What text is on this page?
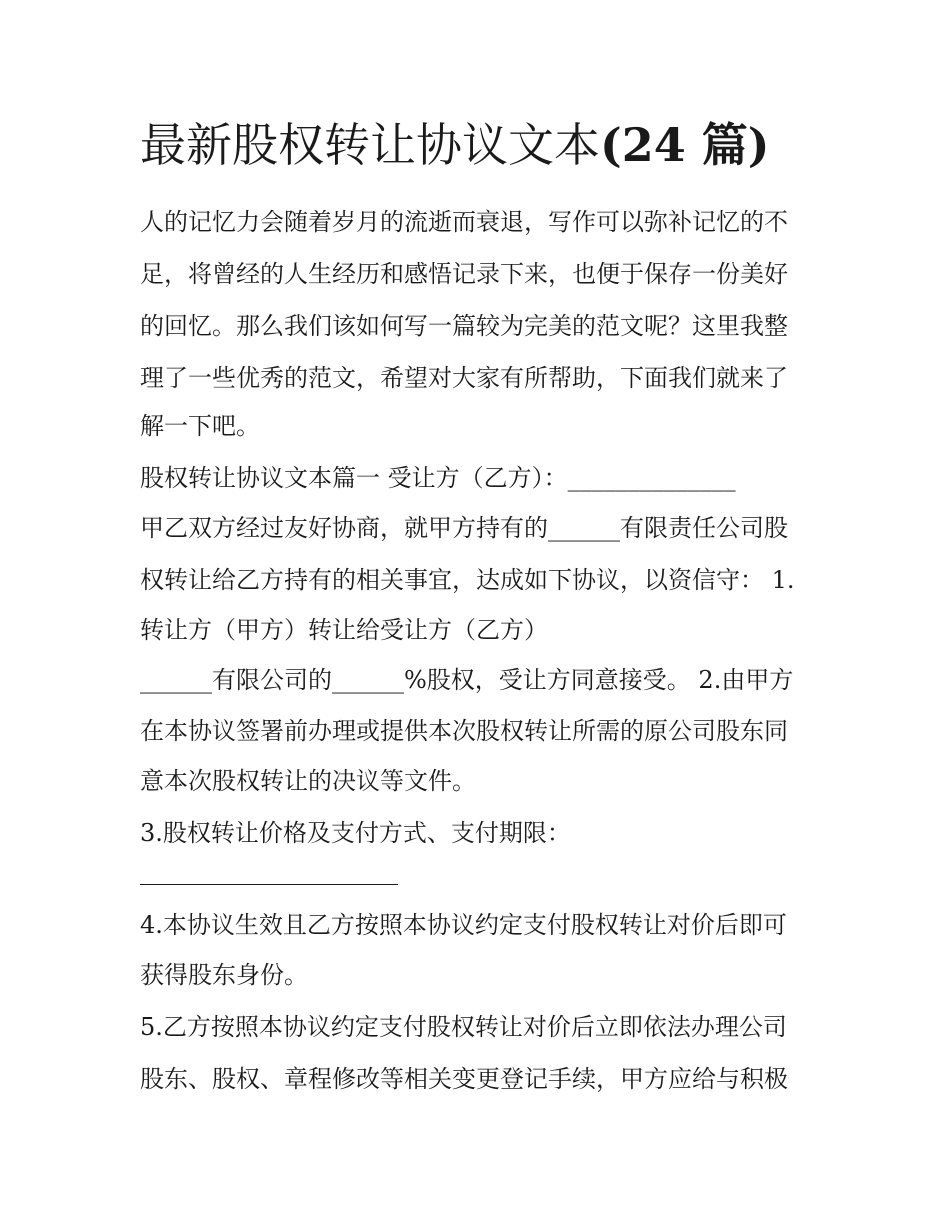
最新股权转让协议文本(24 篇)
人的记忆力会随着岁月的流逝而衰退，写作可以弥补记忆的不
足，将曾经的人生经历和感悟记录下来，也便于保存一份美好
的回忆。那么我们该如何写一篇较为完美的范文呢？这里我整
理了一些优秀的范文，希望对大家有所帮助，下面我们就来了
解一下吧。
股权转让协议文本篇一 受让方（乙方）：______________
甲乙双方经过友好协商，就甲方持有的______有限责任公司股
权转让给乙方持有的相关事宜，达成如下协议，以资信守： 1.
转让方（甲方）转让给受让方（乙方）
______有限公司的______%股权，受让方同意接受。 2.由甲方
在本协议签署前办理或提供本次股权转让所需的原公司股东同
意本次股权转让的决议等文件。
3.股权转让价格及支付方式、支付期限：
4.本协议生效且乙方按照本协议约定支付股权转让对价后即可
获得股东身份。
5.乙方按照本协议约定支付股权转让对价后立即依法办理公司
股东、股权、章程修改等相关变更登记手续，甲方应给与积极
